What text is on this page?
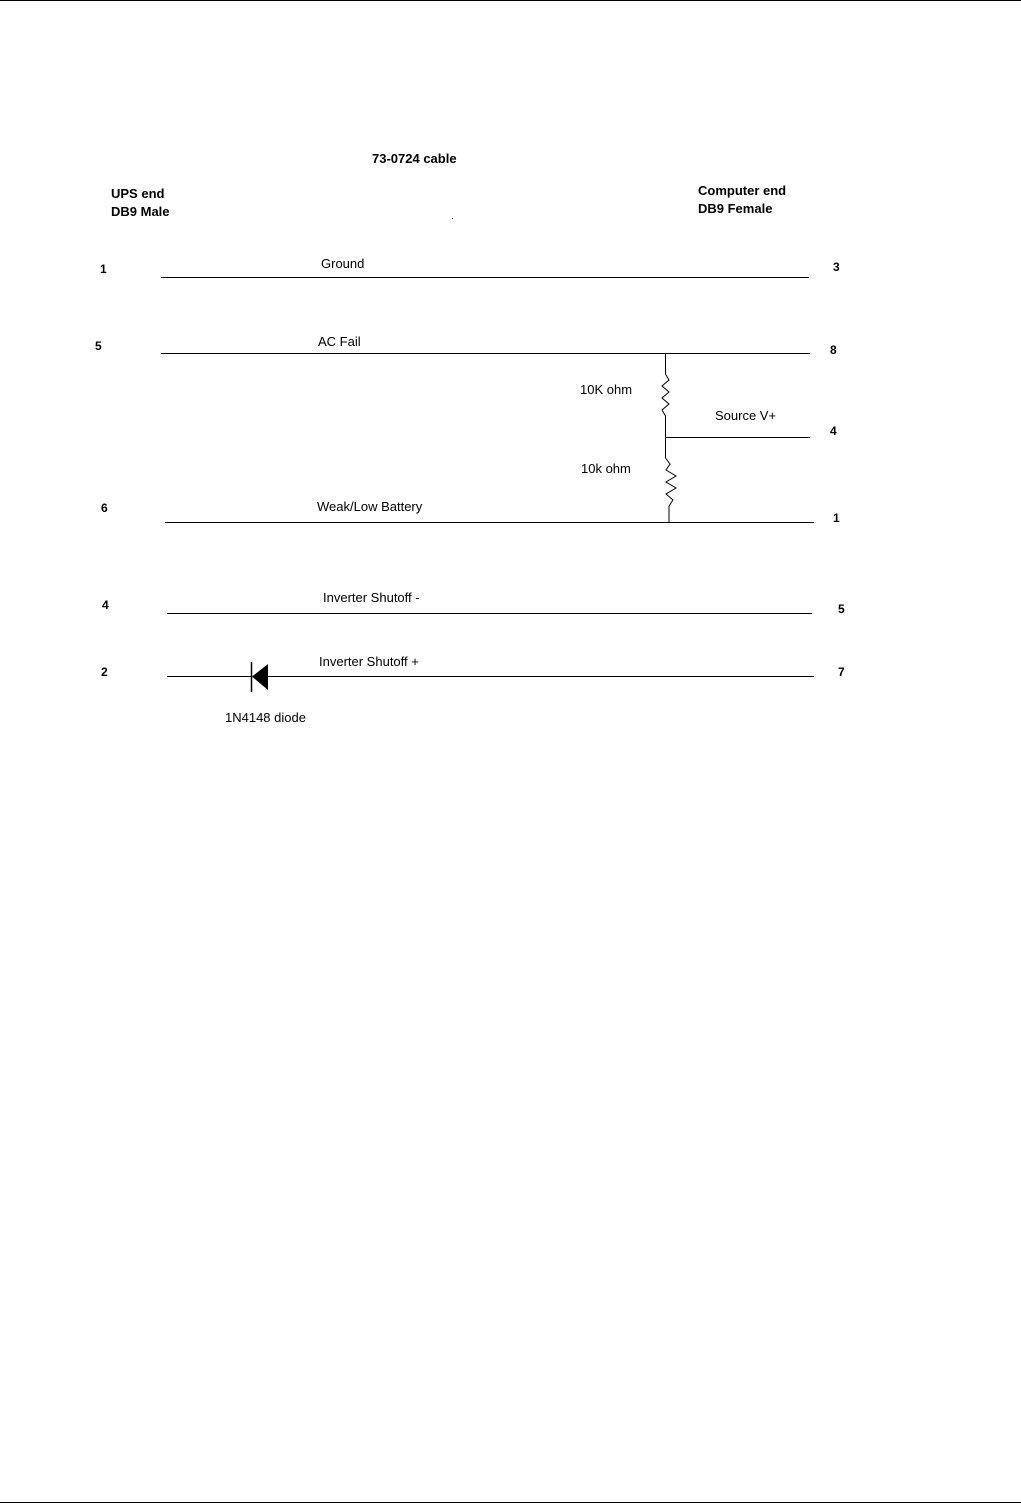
73-0724 cable
UPS end
DB9 Male
Computer end
DB9 Female
Ground
AC Fail
Weak/Low Battery
Inverter Shutoff -
Inverter Shutoff +
Source V+
10K ohm
10k ohm
1N4148 diode
1
5
6
4
2
3
8
4
1
5
7
